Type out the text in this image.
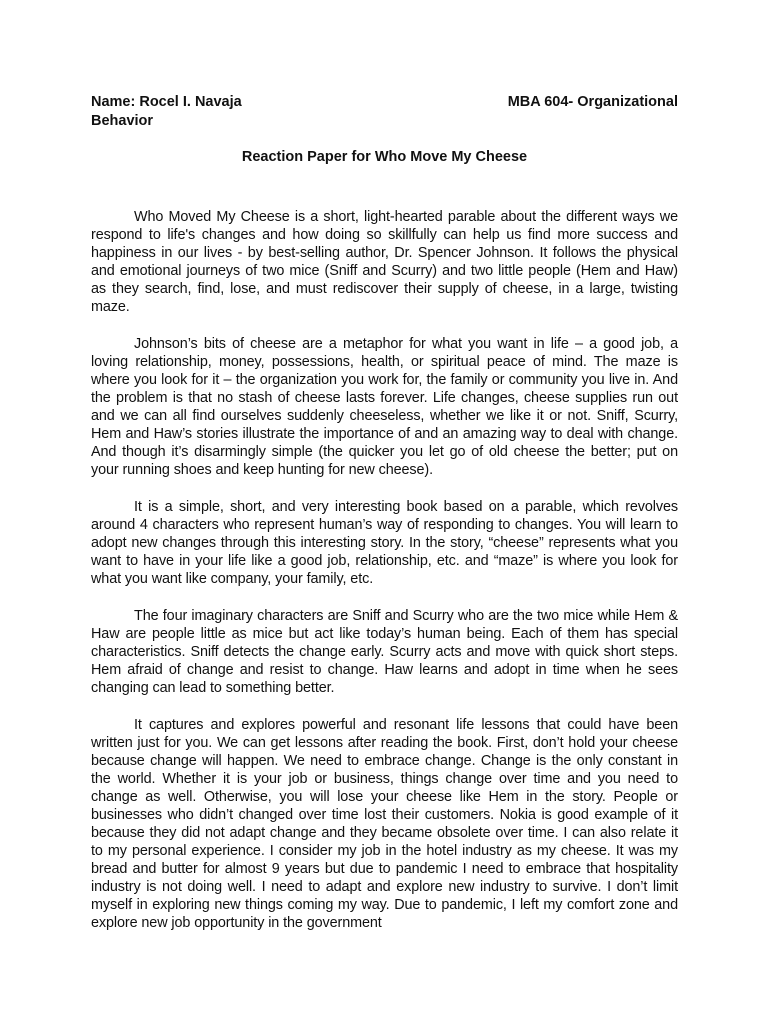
Name: Rocel I. Navaja	MBA 604- Organizational
Behavior
Reaction Paper for Who Move My Cheese

Who Moved My Cheese is a short, light-hearted parable about the different ways we respond to life's changes and how doing so skillfully can help us find more success and happiness in our lives - by best-selling author, Dr. Spencer Johnson. It follows the physical and emotional journeys of two mice (Sniff and Scurry) and two little people (Hem and Haw) as they search, find, lose, and must rediscover their supply of cheese, in a large, twisting maze.

Johnson’s bits of cheese are a metaphor for what you want in life – a good job, a loving relationship, money, possessions, health, or spiritual peace of mind. The maze is where you look for it – the organization you work for, the family or community you live in. And the problem is that no stash of cheese lasts forever. Life changes, cheese supplies run out and we can all find ourselves suddenly cheeseless, whether we like it or not. Sniff, Scurry, Hem and Haw’s stories illustrate the importance of and an amazing way to deal with change. And though it’s disarmingly simple (the quicker you let go of old cheese the better; put on your running shoes and keep hunting for new cheese).

It is a simple, short, and very interesting book based on a parable, which revolves around 4 characters who represent human’s way of responding to changes. You will learn to adopt new changes through this interesting story. In the story, “cheese” represents what you want to have in your life like a good job, relationship, etc. and “maze” is where you look for what you want like company, your family, etc.

The four imaginary characters are Sniff and Scurry who are the two mice while Hem & Haw are people little as mice but act like today’s human being. Each of them has special characteristics. Sniff detects the change early. Scurry acts and move with quick short steps. Hem afraid of change and resist to change. Haw learns and adopt in time when he sees changing can lead to something better.

It captures and explores powerful and resonant life lessons that could have been written just for you. We can get lessons after reading the book. First, don’t hold your cheese because change will happen. We need to embrace change. Change is the only constant in the world. Whether it is your job or business, things change over time and you need to change as well. Otherwise, you will lose your cheese like Hem in the story. People or businesses who didn’t changed over time lost their customers. Nokia is good example of it because they did not adapt change and they became obsolete over time. I can also relate it to my personal experience. I consider my job in the hotel industry as my cheese. It was my bread and butter for almost 9 years but due to pandemic I need to embrace that hospitality industry is not doing well. I need to adapt and explore new industry to survive. I don’t limit myself in exploring new things coming my way. Due to pandemic, I left my comfort zone and explore new job opportunity in the government
